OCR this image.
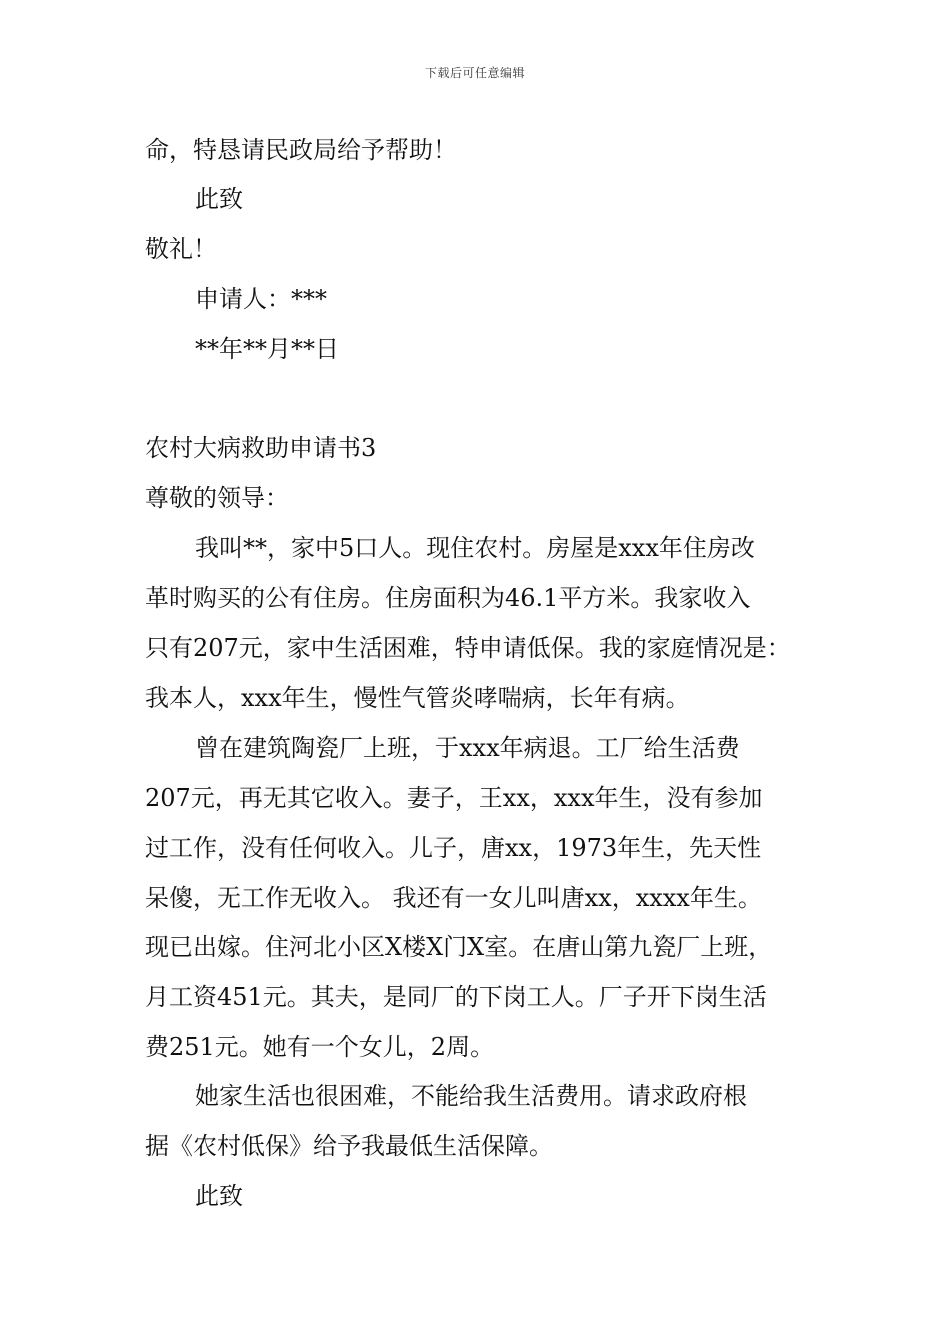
下载后可任意编辑
命，特恳请民政局给予帮助！
此致
敬礼！
申请人：***
**年**月**日
农村大病救助申请书3
尊敬的领导：
我叫**，家中5口人。现住农村。房屋是xxx年住房改
革时购买的公有住房。住房面积为46.1平方米。我家收入
只有207元，家中生活困难，特申请低保。我的家庭情况是：
我本人，xxx年生，慢性气管炎哮喘病，长年有病。
曾在建筑陶瓷厂上班，于xxx年病退。工厂给生活费
207元，再无其它收入。妻子，王xx，xxx年生，没有参加
过工作，没有任何收入。儿子，唐xx，1973年生，先天性
呆傻，无工作无收入。 我还有一女儿叫唐xx，xxxx年生。
现已出嫁。住河北小区X楼X门X室。在唐山第九瓷厂上班，
月工资451元。其夫，是同厂的下岗工人。厂子开下岗生活
费251元。她有一个女儿，2周。
她家生活也很困难，不能给我生活费用。请求政府根
据《农村低保》给予我最低生活保障。
此致
